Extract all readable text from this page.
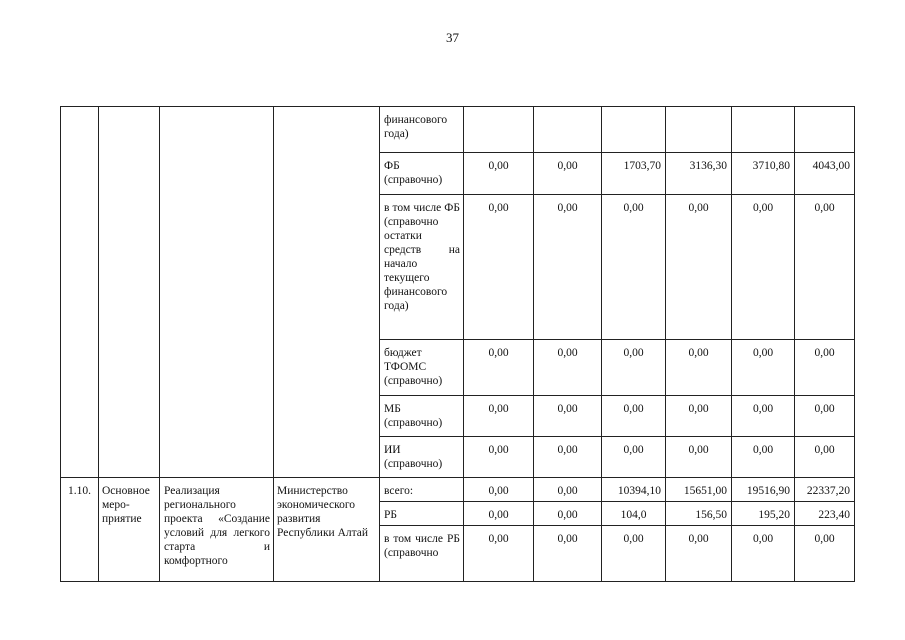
37
				финансового года)						
				ФБ (справочно)	0,00	0,00	1703,70	3136,30	3710,80	4043,00
				в том числе ФБ (справочно остатки средств на начало текущего финансового года)	0,00	0,00	0,00	0,00	0,00	0,00
				бюджет ТФОМС (справочно)	0,00	0,00	0,00	0,00	0,00	0,00
				МБ (справочно)	0,00	0,00	0,00	0,00	0,00	0,00
				ИИ (справочно)	0,00	0,00	0,00	0,00	0,00	0,00
1.10.	Основное меро-приятие	Реализация регионального проекта «Создание условий для легкого старта и комфортного	Министерство экономического развития Республики Алтай	всего:	0,00	0,00	10394,10	15651,00	19516,90	22337,20
				РБ	0,00	0,00	104,0	156,50	195,20	223,40
				в том числе РБ (справочно	0,00	0,00	0,00	0,00	0,00	0,00
